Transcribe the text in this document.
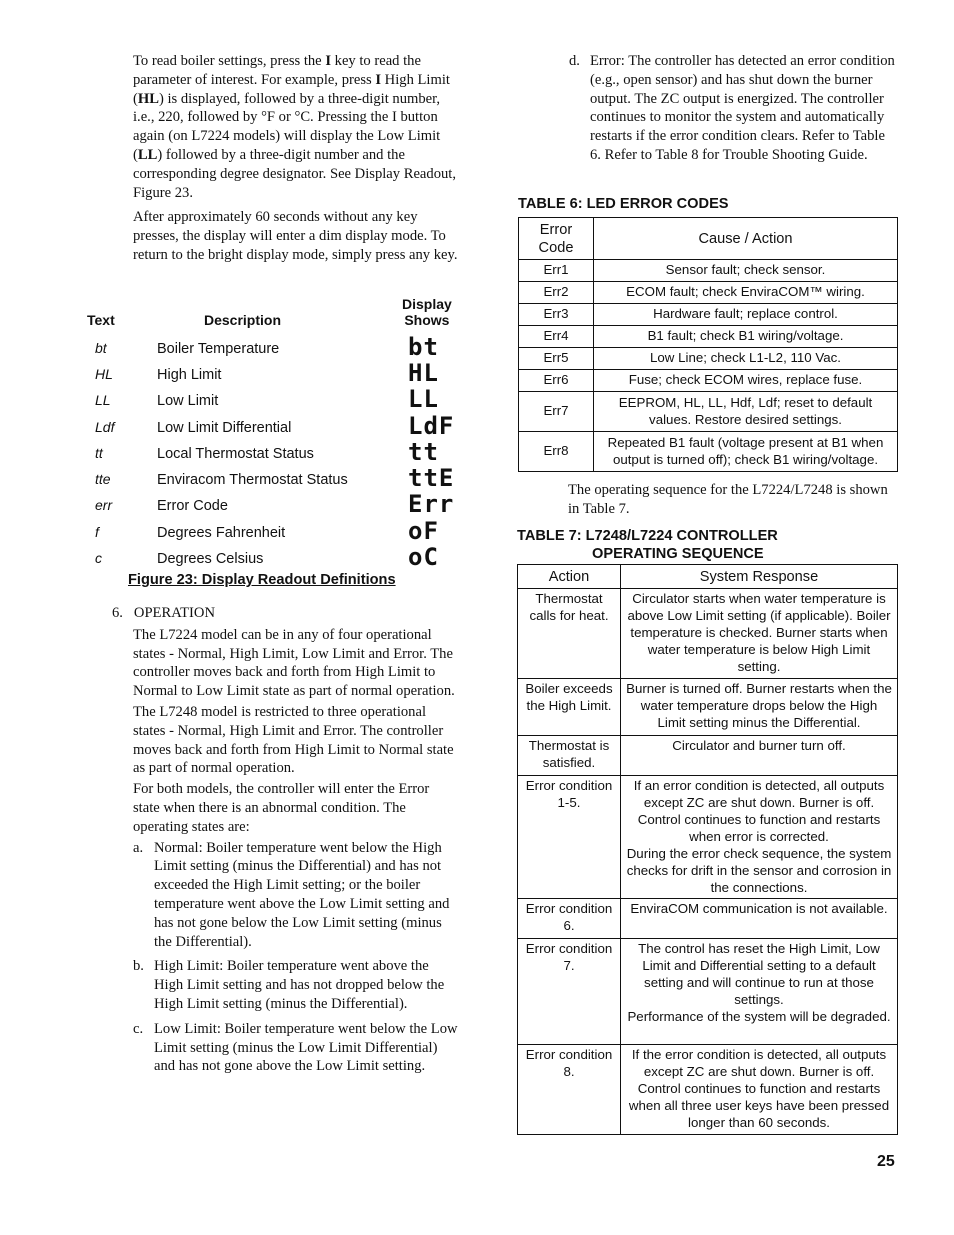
To read boiler settings, press the I key to read the parameter of interest. For example, press I High Limit (HL) is displayed, followed by a three-digit number, i.e., 220, followed by °F or °C. Pressing the I button again (on L7224 models) will display the Low Limit (LL) followed by a three-digit number and the corresponding degree designator. See Display Readout, Figure 23.

After approximately 60 seconds without any key presses, the display will enter a dim display mode. To return to the bright display mode, simply press any key.

Text	Description
Display
Shows
bt	Boiler Temperature	bt
HL	High Limit	HL
LL	Low Limit	LL
Ldf	Low Limit Differential	LdF
tt	Local Thermostat Status	tt
tte	Enviracom Thermostat Status	ttE
err	Error Code	Err
f	Degrees Fahrenheit	oF
c	Degrees Celsius	oC
Figure 23: Display Readout Definitions
6. OPERATION

The L7224 model can be in any of four operational states - Normal, High Limit, Low Limit and Error. The controller moves back and forth from High Limit to Normal to Low Limit state as part of normal operation.

The L7248 model is restricted to three operational states - Normal, High Limit and Error. The controller moves back and forth from High Limit to Normal state as part of normal operation.

For both models, the controller will enter the Error state when there is an abnormal condition. The operating states are:

a. Normal: Boiler temperature went below the High Limit setting (minus the Differential) and has not exceeded the High Limit setting; or the boiler temperature went above the Low Limit setting and has not gone below the Low Limit setting (minus the Differential).
b. High Limit: Boiler temperature went above the High Limit setting and has not dropped below the High Limit setting (minus the Differential).
c. Low Limit: Boiler temperature went below the Low Limit setting (minus the Low Limit Differential) and has not gone above the Low Limit setting.
d. Error: The controller has detected an error condition (e.g., open sensor) and has shut down the burner output. The ZC output is energized. The controller continues to monitor the system and automatically restarts if the error condition clears. Refer to Table 6. Refer to Table 8 for Trouble Shooting Guide.
TABLE 6: LED ERROR CODES
Error Code	Cause / Action
Err1	Sensor fault; check sensor.
Err2	ECOM fault; check EnviraCOM™ wiring.
Err3	Hardware fault; replace control.
Err4	B1 fault; check B1 wiring/voltage.
Err5	Low Line; check L1-L2, 110 Vac.
Err6	Fuse; check ECOM wires, replace fuse.
Err7	EEPROM, HL, LL, Hdf, Ldf; reset to default values. Restore desired settings.
Err8	Repeated B1 fault (voltage present at B1 when output is turned off); check B1 wiring/voltage.
The operating sequence for the L7224/L7248 is shown in Table 7.
TABLE 7: L7248/L7224 CONTROLLER
OPERATING SEQUENCE
Action	System Response
Thermostat calls for heat.	Circulator starts when water temperature is above Low Limit setting (if applicable). Boiler temperature is checked. Burner starts when water temperature is below High Limit setting.
Boiler exceeds the High Limit.	Burner is turned off. Burner restarts when the water temperature drops below the High Limit setting minus the Differential.
Thermostat is satisfied.	Circulator and burner turn off.
Error condition 1-5.	If an error condition is detected, all outputs except ZC are shut down. Burner is off. Control continues to function and restarts when error is corrected.
During the error check sequence, the system checks for drift in the sensor and corrosion in the connections.
Error condition 6.	EnviraCOM communication is not available.
Error condition 7.	The control has reset the High Limit, Low Limit and Differential setting to a default setting and will continue to run at those settings.
Performance of the system will be degraded.
Error condition 8.	If the error condition is detected, all outputs except ZC are shut down. Burner is off. Control continues to function and restarts when all three user keys have been pressed longer than 60 seconds.
25
